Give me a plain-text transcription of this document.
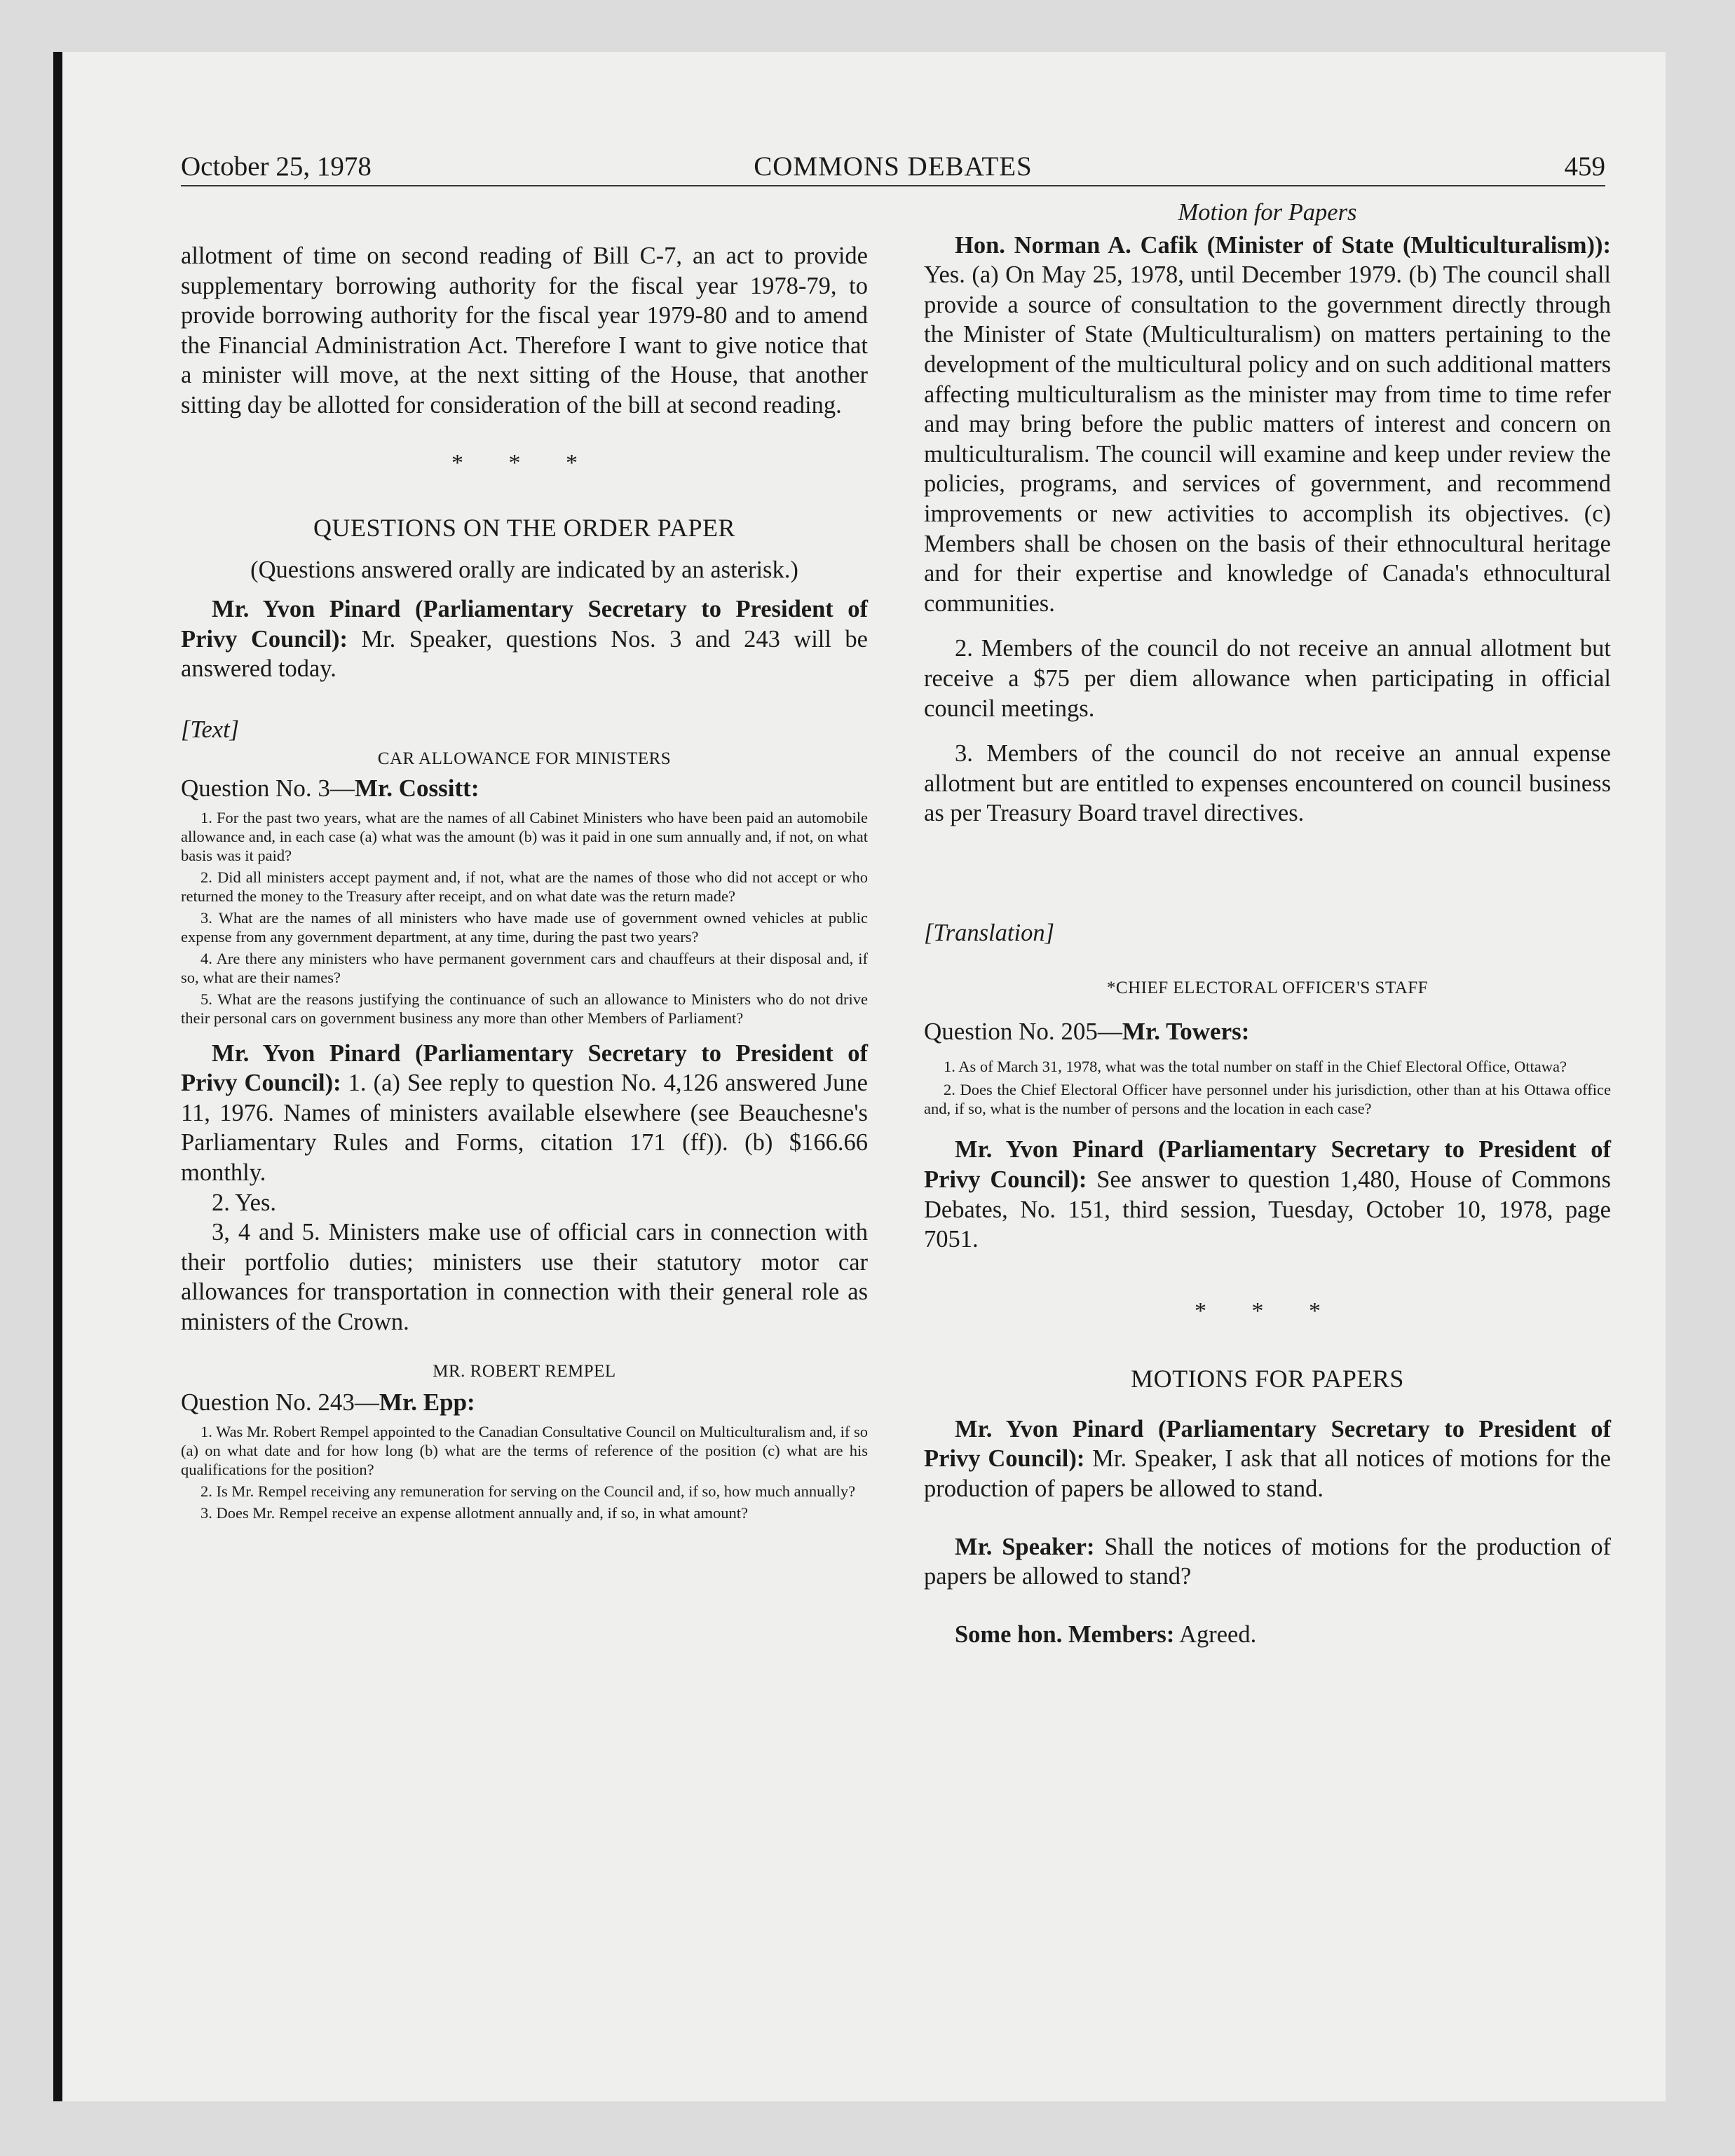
October 25, 1978	COMMONS DEBATES	459

allotment of time on second reading of Bill C-7, an act to provide supplementary borrowing authority for the fiscal year 1978-79, to provide borrowing authority for the fiscal year 1979-80 and to amend the Financial Administration Act. Therefore I want to give notice that a minister will move, at the next sitting of the House, that another sitting day be allotted for consideration of the bill at second reading.

* * *

QUESTIONS ON THE ORDER PAPER

(Questions answered orally are indicated by an asterisk.)

Mr. Yvon Pinard (Parliamentary Secretary to President of Privy Council): Mr. Speaker, questions Nos. 3 and 243 will be answered today.

[Text]

CAR ALLOWANCE FOR MINISTERS

Question No. 3—Mr. Cossitt:

1. For the past two years, what are the names of all Cabinet Ministers who have been paid an automobile allowance and, in each case (a) what was the amount (b) was it paid in one sum annually and, if not, on what basis was it paid?

2. Did all ministers accept payment and, if not, what are the names of those who did not accept or who returned the money to the Treasury after receipt, and on what date was the return made?

3. What are the names of all ministers who have made use of government owned vehicles at public expense from any government department, at any time, during the past two years?

4. Are there any ministers who have permanent government cars and chauffeurs at their disposal and, if so, what are their names?

5. What are the reasons justifying the continuance of such an allowance to Ministers who do not drive their personal cars on government business any more than other Members of Parliament?

Mr. Yvon Pinard (Parliamentary Secretary to President of Privy Council): 1. (a) See reply to question No. 4,126 answered June 11, 1976. Names of ministers available elsewhere (see Beauchesne's Parliamentary Rules and Forms, citation 171 (ff)). (b) $166.66 monthly.

2. Yes.

3, 4 and 5. Ministers make use of official cars in connection with their portfolio duties; ministers use their statutory motor car allowances for transportation in connection with their general role as ministers of the Crown.

MR. ROBERT REMPEL

Question No. 243—Mr. Epp:

1. Was Mr. Robert Rempel appointed to the Canadian Consultative Council on Multiculturalism and, if so (a) on what date and for how long (b) what are the terms of reference of the position (c) what are his qualifications for the position?

2. Is Mr. Rempel receiving any remuneration for serving on the Council and, if so, how much annually?

3. Does Mr. Rempel receive an expense allotment annually and, if so, in what amount?

Motion for Papers

Hon. Norman A. Cafik (Minister of State (Multiculturalism)): Yes. (a) On May 25, 1978, until December 1979. (b) The council shall provide a source of consultation to the government directly through the Minister of State (Multiculturalism) on matters pertaining to the development of the multicultural policy and on such additional matters affecting multiculturalism as the minister may from time to time refer and may bring before the public matters of interest and concern on multiculturalism. The council will examine and keep under review the policies, programs, and services of government, and recommend improvements or new activities to accomplish its objectives. (c) Members shall be chosen on the basis of their ethnocultural heritage and for their expertise and knowledge of Canada's ethnocultural communities.

2. Members of the council do not receive an annual allotment but receive a $75 per diem allowance when participating in official council meetings.

3. Members of the council do not receive an annual expense allotment but are entitled to expenses encountered on council business as per Treasury Board travel directives.

[Translation]

*CHIEF ELECTORAL OFFICER'S STAFF

Question No. 205—Mr. Towers:

1. As of March 31, 1978, what was the total number on staff in the Chief Electoral Office, Ottawa?

2. Does the Chief Electoral Officer have personnel under his jurisdiction, other than at his Ottawa office and, if so, what is the number of persons and the location in each case?

Mr. Yvon Pinard (Parliamentary Secretary to President of Privy Council): See answer to question 1,480, House of Commons Debates, No. 151, third session, Tuesday, October 10, 1978, page 7051.

* * *

MOTIONS FOR PAPERS

Mr. Yvon Pinard (Parliamentary Secretary to President of Privy Council): Mr. Speaker, I ask that all notices of motions for the production of papers be allowed to stand.

Mr. Speaker: Shall the notices of motions for the production of papers be allowed to stand?

Some hon. Members: Agreed.
